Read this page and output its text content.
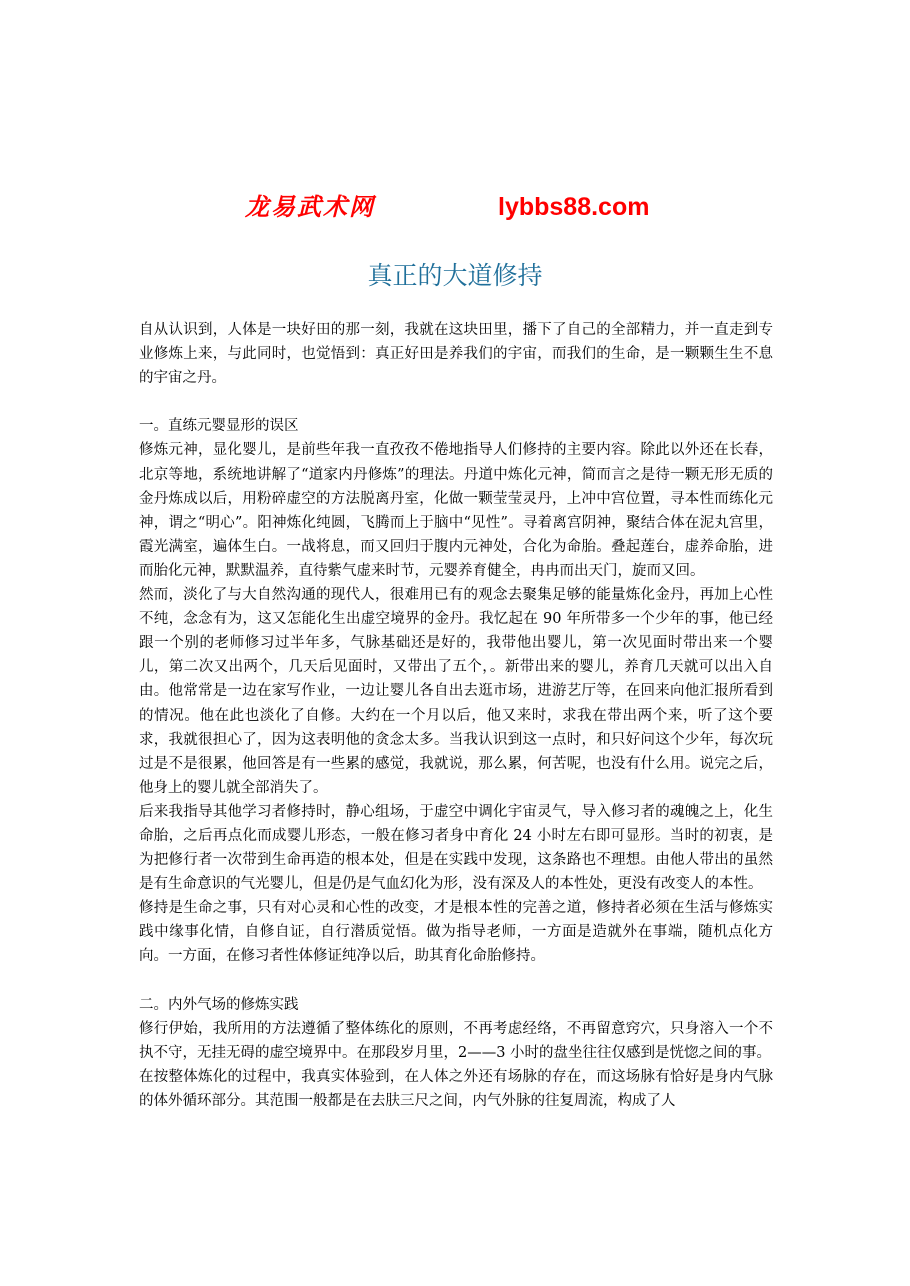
龙易武术网	lybbs88.com
真正的大道修持

自从认识到，人体是一块好田的那一刻，我就在这块田里，播下了自己的全部精力，并一直走到专业修炼上来，与此同时，也觉悟到：真正好田是养我们的宇宙，而我们的生命，是一颗颗生生不息的宇宙之丹。

一。直练元婴显形的误区

修炼元神，显化婴儿，是前些年我一直孜孜不倦地指导人们修持的主要内容。除此以外还在长春，北京等地，系统地讲解了“道家内丹修炼”的理法。丹道中炼化元神，简而言之是待一颗无形无质的金丹炼成以后，用粉碎虚空的方法脱离丹室，化做一颗莹莹灵丹，上冲中宫位置，寻本性而练化元神，谓之“明心”。阳神炼化纯圆，飞腾而上于脑中“见性”。寻着离宫阴神，聚结合体在泥丸宫里，霞光满室，遍体生白。一战将息，而又回归于腹内元神处，合化为命胎。叠起莲台，虚养命胎，进而胎化元神，默默温养，直待紫气虚来时节，元婴养育健全，冉冉而出天门，旋而又回。

然而，淡化了与大自然沟通的现代人，很难用已有的观念去聚集足够的能量炼化金丹，再加上心性不纯，念念有为，这又怎能化生出虚空境界的金丹。我忆起在 90 年所带多一个少年的事，他已经跟一个别的老师修习过半年多，气脉基础还是好的，我带他出婴儿，第一次见面时带出来一个婴儿，第二次又出两个，几天后见面时，又带出了五个，。新带出来的婴儿，养育几天就可以出入自由。他常常是一边在家写作业，一边让婴儿各自出去逛市场，进游艺厅等，在回来向他汇报所看到的情况。他在此也淡化了自修。大约在一个月以后，他又来时，求我在带出两个来，听了这个要求，我就很担心了，因为这表明他的贪念太多。当我认识到这一点时，和只好问这个少年，每次玩过是不是很累，他回答是有一些累的感觉，我就说，那么累，何苦呢，也没有什么用。说完之后，他身上的婴儿就全部消失了。

后来我指导其他学习者修持时，静心组场，于虚空中调化宇宙灵气，导入修习者的魂魄之上，化生命胎，之后再点化而成婴儿形态，一般在修习者身中育化 24 小时左右即可显形。当时的初衷，是为把修行者一次带到生命再造的根本处，但是在实践中发现，这条路也不理想。由他人带出的虽然是有生命意识的气光婴儿，但是仍是气血幻化为形，没有深及人的本性处，更没有改变人的本性。

修持是生命之事，只有对心灵和心性的改变，才是根本性的完善之道，修持者必须在生活与修炼实践中缘事化情，自修自证，自行潜质觉悟。做为指导老师，一方面是造就外在事端，随机点化方向。一方面，在修习者性体修证纯净以后，助其育化命胎修持。

二。内外气场的修炼实践

修行伊始，我所用的方法遵循了整体练化的原则，不再考虑经络，不再留意窍穴，只身溶入一个不执不守，无挂无碍的虚空境界中。在那段岁月里，2——3 小时的盘坐往往仅感到是恍惚之间的事。

在按整体炼化的过程中，我真实体验到，在人体之外还有场脉的存在，而这场脉有恰好是身内气脉的体外循环部分。其范围一般都是在去肤三尺之间，内气外脉的往复周流，构成了人
